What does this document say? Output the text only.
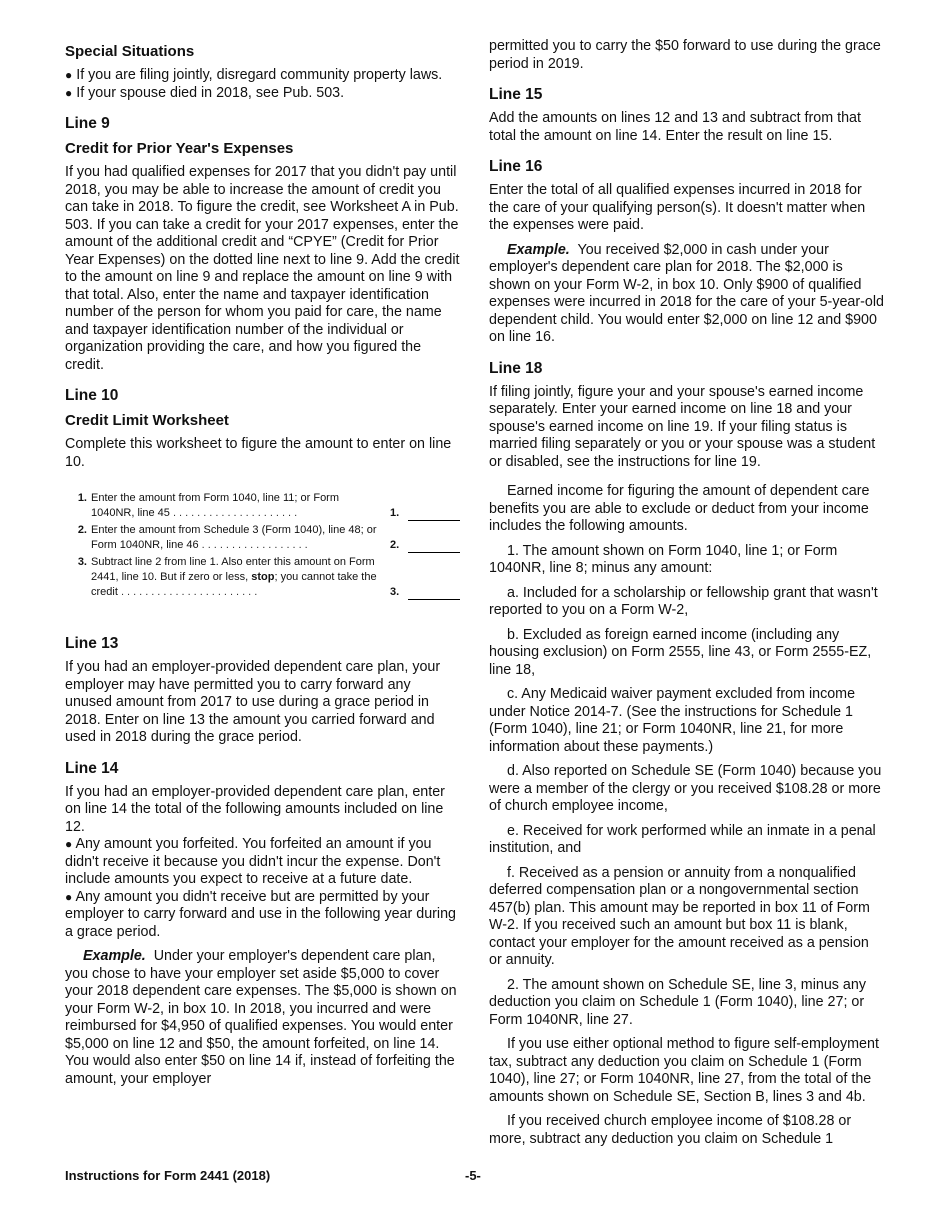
Special Situations

● If you are filing jointly, disregard community property laws.

● If your spouse died in 2018, see Pub. 503.

Line 9
Credit for Prior Year's Expenses

If you had qualified expenses for 2017 that you didn't pay until 2018, you may be able to increase the amount of credit you can take in 2018. To figure the credit, see Worksheet A in Pub. 503. If you can take a credit for your 2017 expenses, enter the amount of the additional credit and “CPYE” (Credit for Prior Year Expenses) on the dotted line next to line 9. Add the credit to the amount on line 9 and replace the amount on line 9 with that total. Also, enter the name and taxpayer identification number of the person for whom you paid for care, the name and taxpayer identification number of the individual or organization providing the care, and how you figured the credit.

Line 10
Credit Limit Worksheet

Complete this worksheet to figure the amount to enter on line 10.

1. Enter the amount from Form 1040, line 11; or Form 1040NR, line 45 .....................	1.
2. Enter the amount from Schedule 3 (Form 1040), line 48; or Form 1040NR, line 46 ..................	2.
3. Subtract line 2 from line 1. Also enter this amount on Form 2441, line 10. But if zero or less, stop; you cannot take the credit .......................	3.
Line 13

If you had an employer-provided dependent care plan, your employer may have permitted you to carry forward any unused amount from 2017 to use during a grace period in 2018. Enter on line 13 the amount you carried forward and used in 2018 during the grace period.

Line 14

If you had an employer-provided dependent care plan, enter on line 14 the total of the following amounts included on line 12.

● Any amount you forfeited. You forfeited an amount if you didn't receive it because you didn't incur the expense. Don't include amounts you expect to receive at a future date.

● Any amount you didn't receive but are permitted by your employer to carry forward and use in the following year during a grace period.

Example. Under your employer's dependent care plan, you chose to have your employer set aside $5,000 to cover your 2018 dependent care expenses. The $5,000 is shown on your Form W-2, in box 10. In 2018, you incurred and were reimbursed for $4,950 of qualified expenses. You would enter $5,000 on line 12 and $50, the amount forfeited, on line 14. You would also enter $50 on line 14 if, instead of forfeiting the amount, your employer

permitted you to carry the $50 forward to use during the grace period in 2019.

Line 15

Add the amounts on lines 12 and 13 and subtract from that total the amount on line 14. Enter the result on line 15.

Line 16

Enter the total of all qualified expenses incurred in 2018 for the care of your qualifying person(s). It doesn't matter when the expenses were paid.

Example. You received $2,000 in cash under your employer's dependent care plan for 2018. The $2,000 is shown on your Form W-2, in box 10. Only $900 of qualified expenses were incurred in 2018 for the care of your 5-year-old dependent child. You would enter $2,000 on line 12 and $900 on line 16.

Line 18

If filing jointly, figure your and your spouse's earned income separately. Enter your earned income on line 18 and your spouse's earned income on line 19. If your filing status is married filing separately or you or your spouse was a student or disabled, see the instructions for line 19.

Earned income for figuring the amount of dependent care benefits you are able to exclude or deduct from your income includes the following amounts.

1. The amount shown on Form 1040, line 1; or Form 1040NR, line 8; minus any amount:

a. Included for a scholarship or fellowship grant that wasn't reported to you on a Form W-2,

b. Excluded as foreign earned income (including any housing exclusion) on Form 2555, line 43, or Form 2555-EZ, line 18,

c. Any Medicaid waiver payment excluded from income under Notice 2014-7. (See the instructions for Schedule 1 (Form 1040), line 21; or Form 1040NR, line 21, for more information about these payments.)

d. Also reported on Schedule SE (Form 1040) because you were a member of the clergy or you received $108.28 or more of church employee income,

e. Received for work performed while an inmate in a penal institution, and

f. Received as a pension or annuity from a nonqualified deferred compensation plan or a nongovernmental section 457(b) plan. This amount may be reported in box 11 of Form W-2. If you received such an amount but box 11 is blank, contact your employer for the amount received as a pension or annuity.

2. The amount shown on Schedule SE, line 3, minus any deduction you claim on Schedule 1 (Form 1040), line 27; or Form 1040NR, line 27.

If you use either optional method to figure self-employment tax, subtract any deduction you claim on Schedule 1 (Form 1040), line 27; or Form 1040NR, line 27, from the total of the amounts shown on Schedule SE, Section B, lines 3 and 4b.

If you received church employee income of $108.28 or more, subtract any deduction you claim on Schedule 1

Instructions for Form 2441 (2018)	-5-
